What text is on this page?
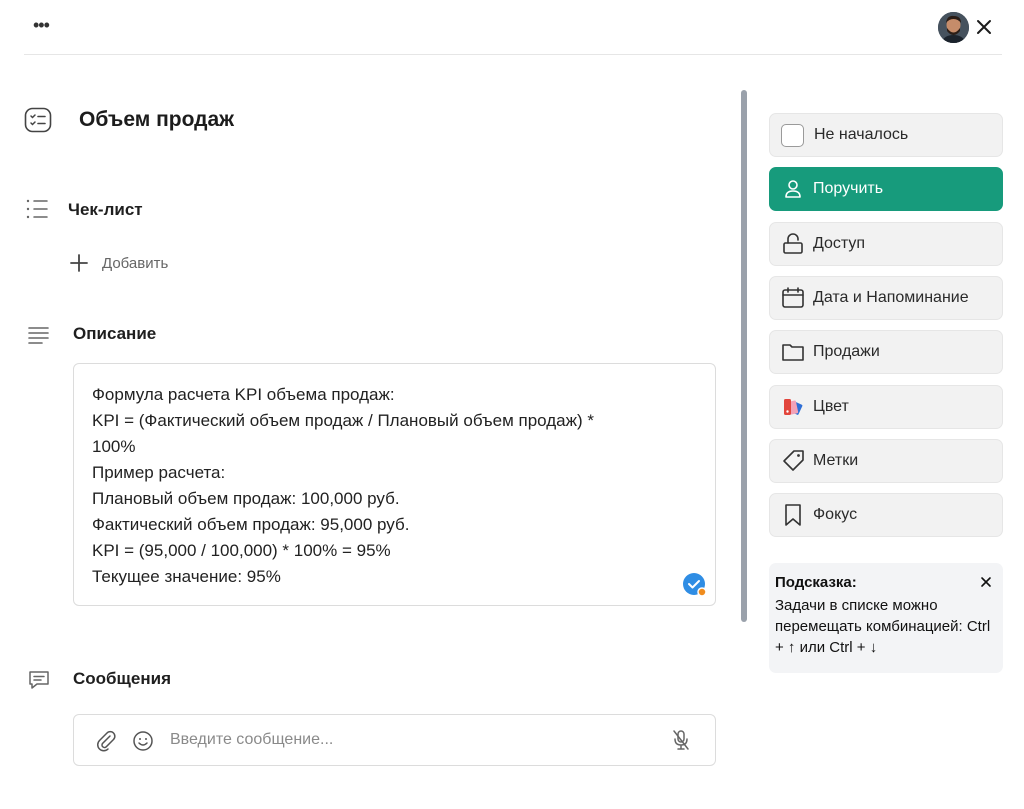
•••
Объем продаж
Чек-лист
Добавить
Описание
Формула расчета KPI объема продаж:
KPI = (Фактический объем продаж / Плановый объем продаж) *
100%
Пример расчета:
Плановый объем продаж: 100,000 руб.
Фактический объем продаж: 95,000 руб.
KPI = (95,000 / 100,000) * 100% = 95%
Текущее значение: 95%
Сообщения
Введите сообщение...
Не началось
Поручить
Доступ
Дата и Напоминание
Продажи
Цвет
Метки
Фокус
Подсказка:
Задачи в списке можно перемещать комбинацией: Ctrl + ↑ или Ctrl + ↓
